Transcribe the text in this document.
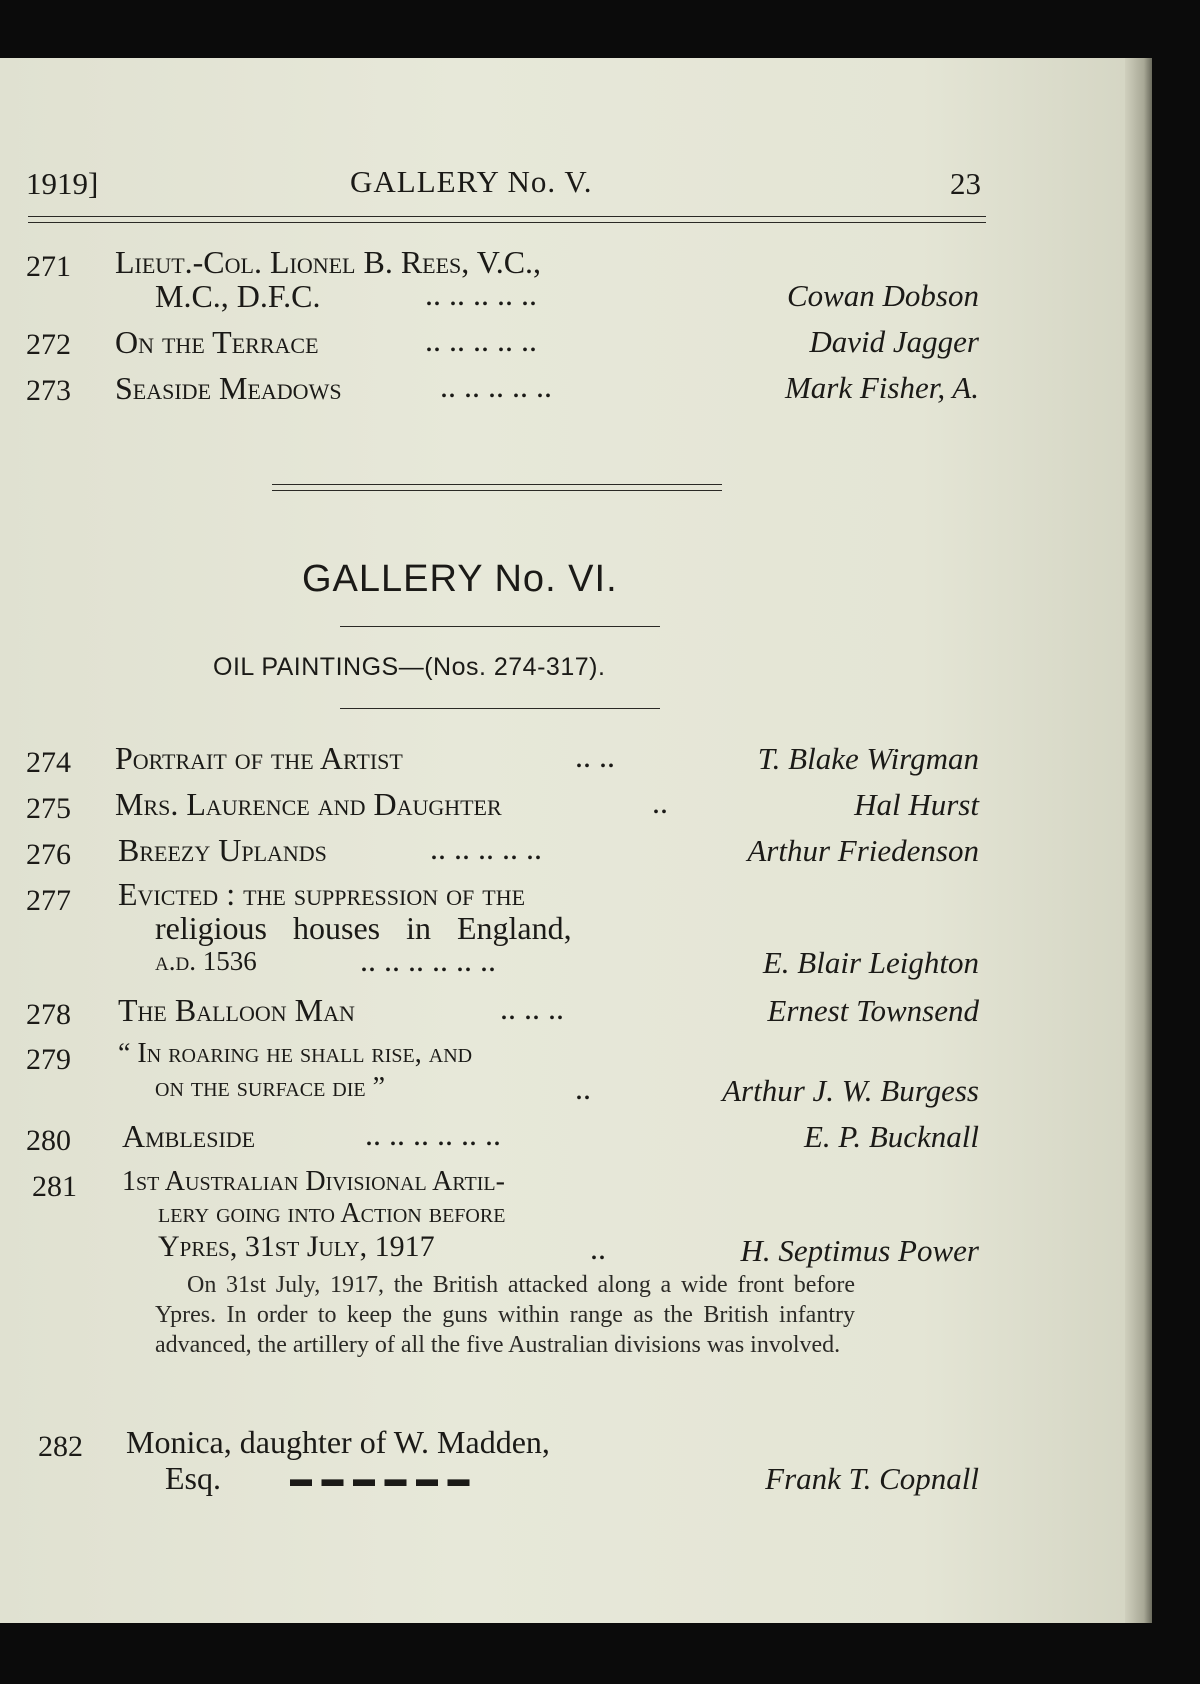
1919]	GALLERY No. V.	23
271 Lieut.-Col. Lionel B. Rees, V.C.,
M.C., D.F.C.	.. .. .. .. ..	Cowan Dobson
272 On the Terrace	.. .. .. .. ..	David Jagger
273 Seaside Meadows	.. .. .. .. ..	Mark Fisher, A.
GALLERY No. VI.
OIL PAINTINGS—(Nos. 274-317).
274 Portrait of the Artist	.. ..	T. Blake Wirgman
275 Mrs. Laurence and Daughter	..	Hal Hurst
276 Breezy Uplands	.. .. .. .. ..	Arthur Friedenson
277 Evicted : the suppression of the
religious houses in England,
a.d. 1536	.. .. .. .. .. ..	E. Blair Leighton
278 The Balloon Man	.. .. ..	Ernest Townsend
279 “ In roaring he shall rise, and
on the surface die ”	..	Arthur J. W. Burgess
280 Ambleside	.. .. .. .. .. ..	E. P. Bucknall
281 1st Australian Divisional Artil-
lery going into Action before
Ypres, 31st July, 1917	..	H. Septimus Power
On 31st July, 1917, the British attacked along a wide front before Ypres. In order to keep the guns within range as the British infantry advanced, the artillery of all the five Australian divisions was involved.
282 Monica, daughter of W. Madden,
Esq.	▬ ▬ ▬ ▬ ▬ ▬	Frank T. Copnall
